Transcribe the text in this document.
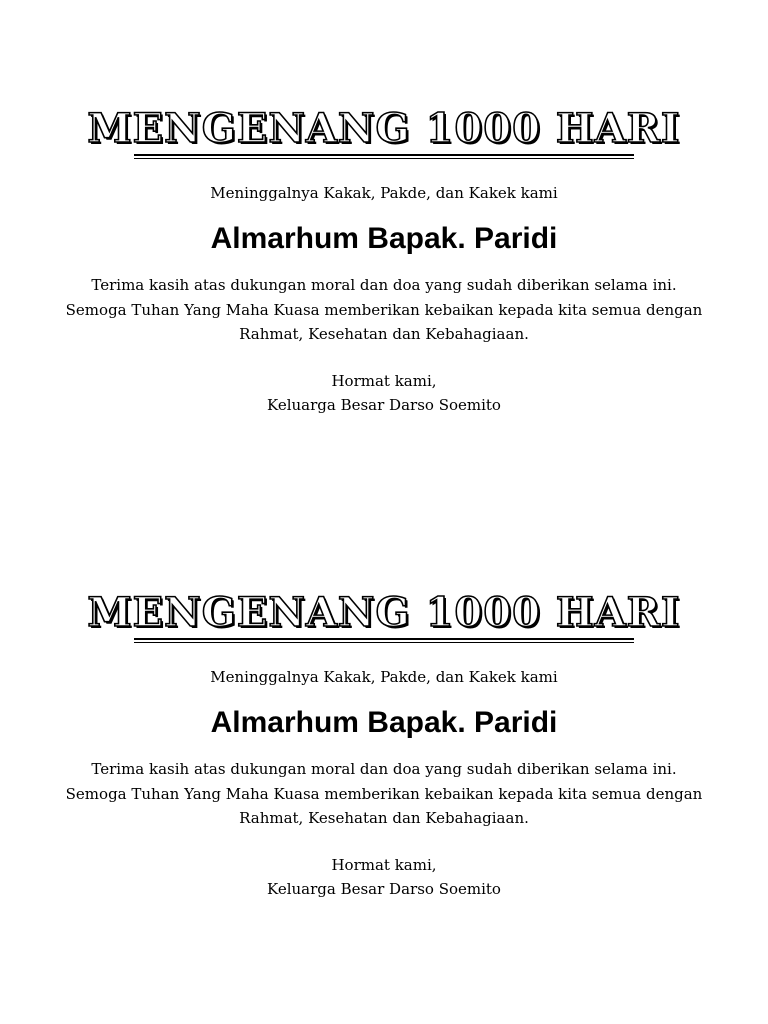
MENGENANG 1000 HARI
Meninggalnya Kakak, Pakde, dan Kakek kami
Almarhum Bapak. Paridi
Terima kasih atas dukungan moral dan doa yang sudah diberikan selama ini.
Semoga Tuhan Yang Maha Kuasa memberikan kebaikan kepada kita semua dengan
Rahmat, Kesehatan dan Kebahagiaan.
Hormat kami,
Keluarga Besar Darso Soemito
MENGENANG 1000 HARI
Meninggalnya Kakak, Pakde, dan Kakek kami
Almarhum Bapak. Paridi
Terima kasih atas dukungan moral dan doa yang sudah diberikan selama ini.
Semoga Tuhan Yang Maha Kuasa memberikan kebaikan kepada kita semua dengan
Rahmat, Kesehatan dan Kebahagiaan.
Hormat kami,
Keluarga Besar Darso Soemito
